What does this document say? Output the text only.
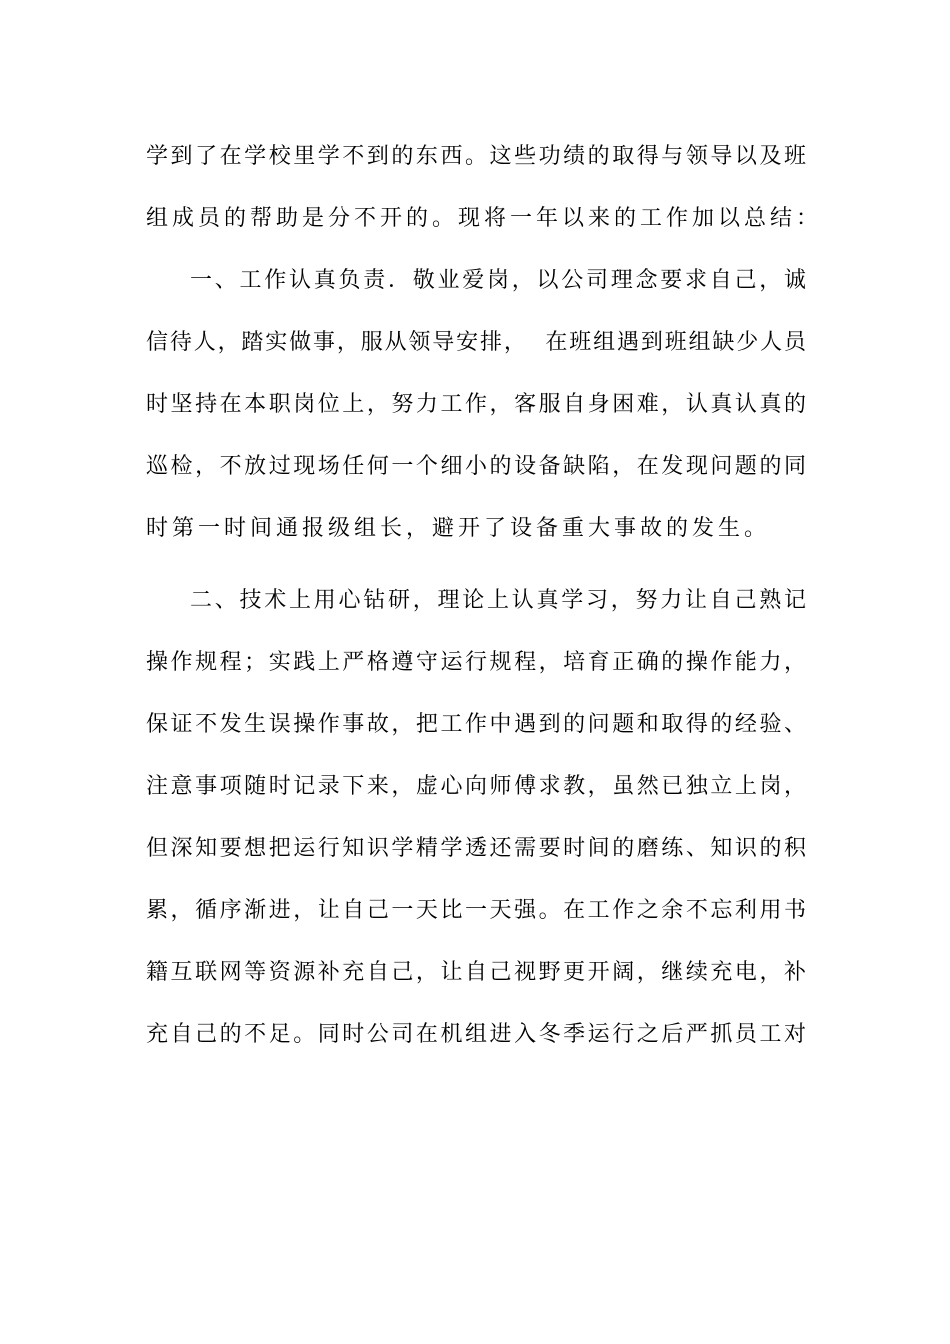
学到了在学校里学不到的东西。这些功绩的取得与领导以及班
组成员的帮助是分不开的。现将一年以来的工作加以总结：
一、工作认真负责．敬业爱岗，以公司理念要求自己，诚
信待人，踏实做事，服从领导安排，  在班组遇到班组缺少人员
时坚持在本职岗位上，努力工作，客服自身困难，认真认真的
巡检，不放过现场任何一个细小的设备缺陷，在发现问题的同
时第一时间通报级组长，避开了设备重大事故的发生。
二、技术上用心钻研，理论上认真学习，努力让自己熟记
操作规程；实践上严格遵守运行规程，培育正确的操作能力，
保证不发生误操作事故，把工作中遇到的问题和取得的经验、
注意事项随时记录下来，虚心向师傅求教，虽然已独立上岗，
但深知要想把运行知识学精学透还需要时间的磨练、知识的积
累，循序渐进，让自己一天比一天强。在工作之余不忘利用书
籍互联网等资源补充自己，让自己视野更开阔，继续充电，补
充自己的不足。同时公司在机组进入冬季运行之后严抓员工对
